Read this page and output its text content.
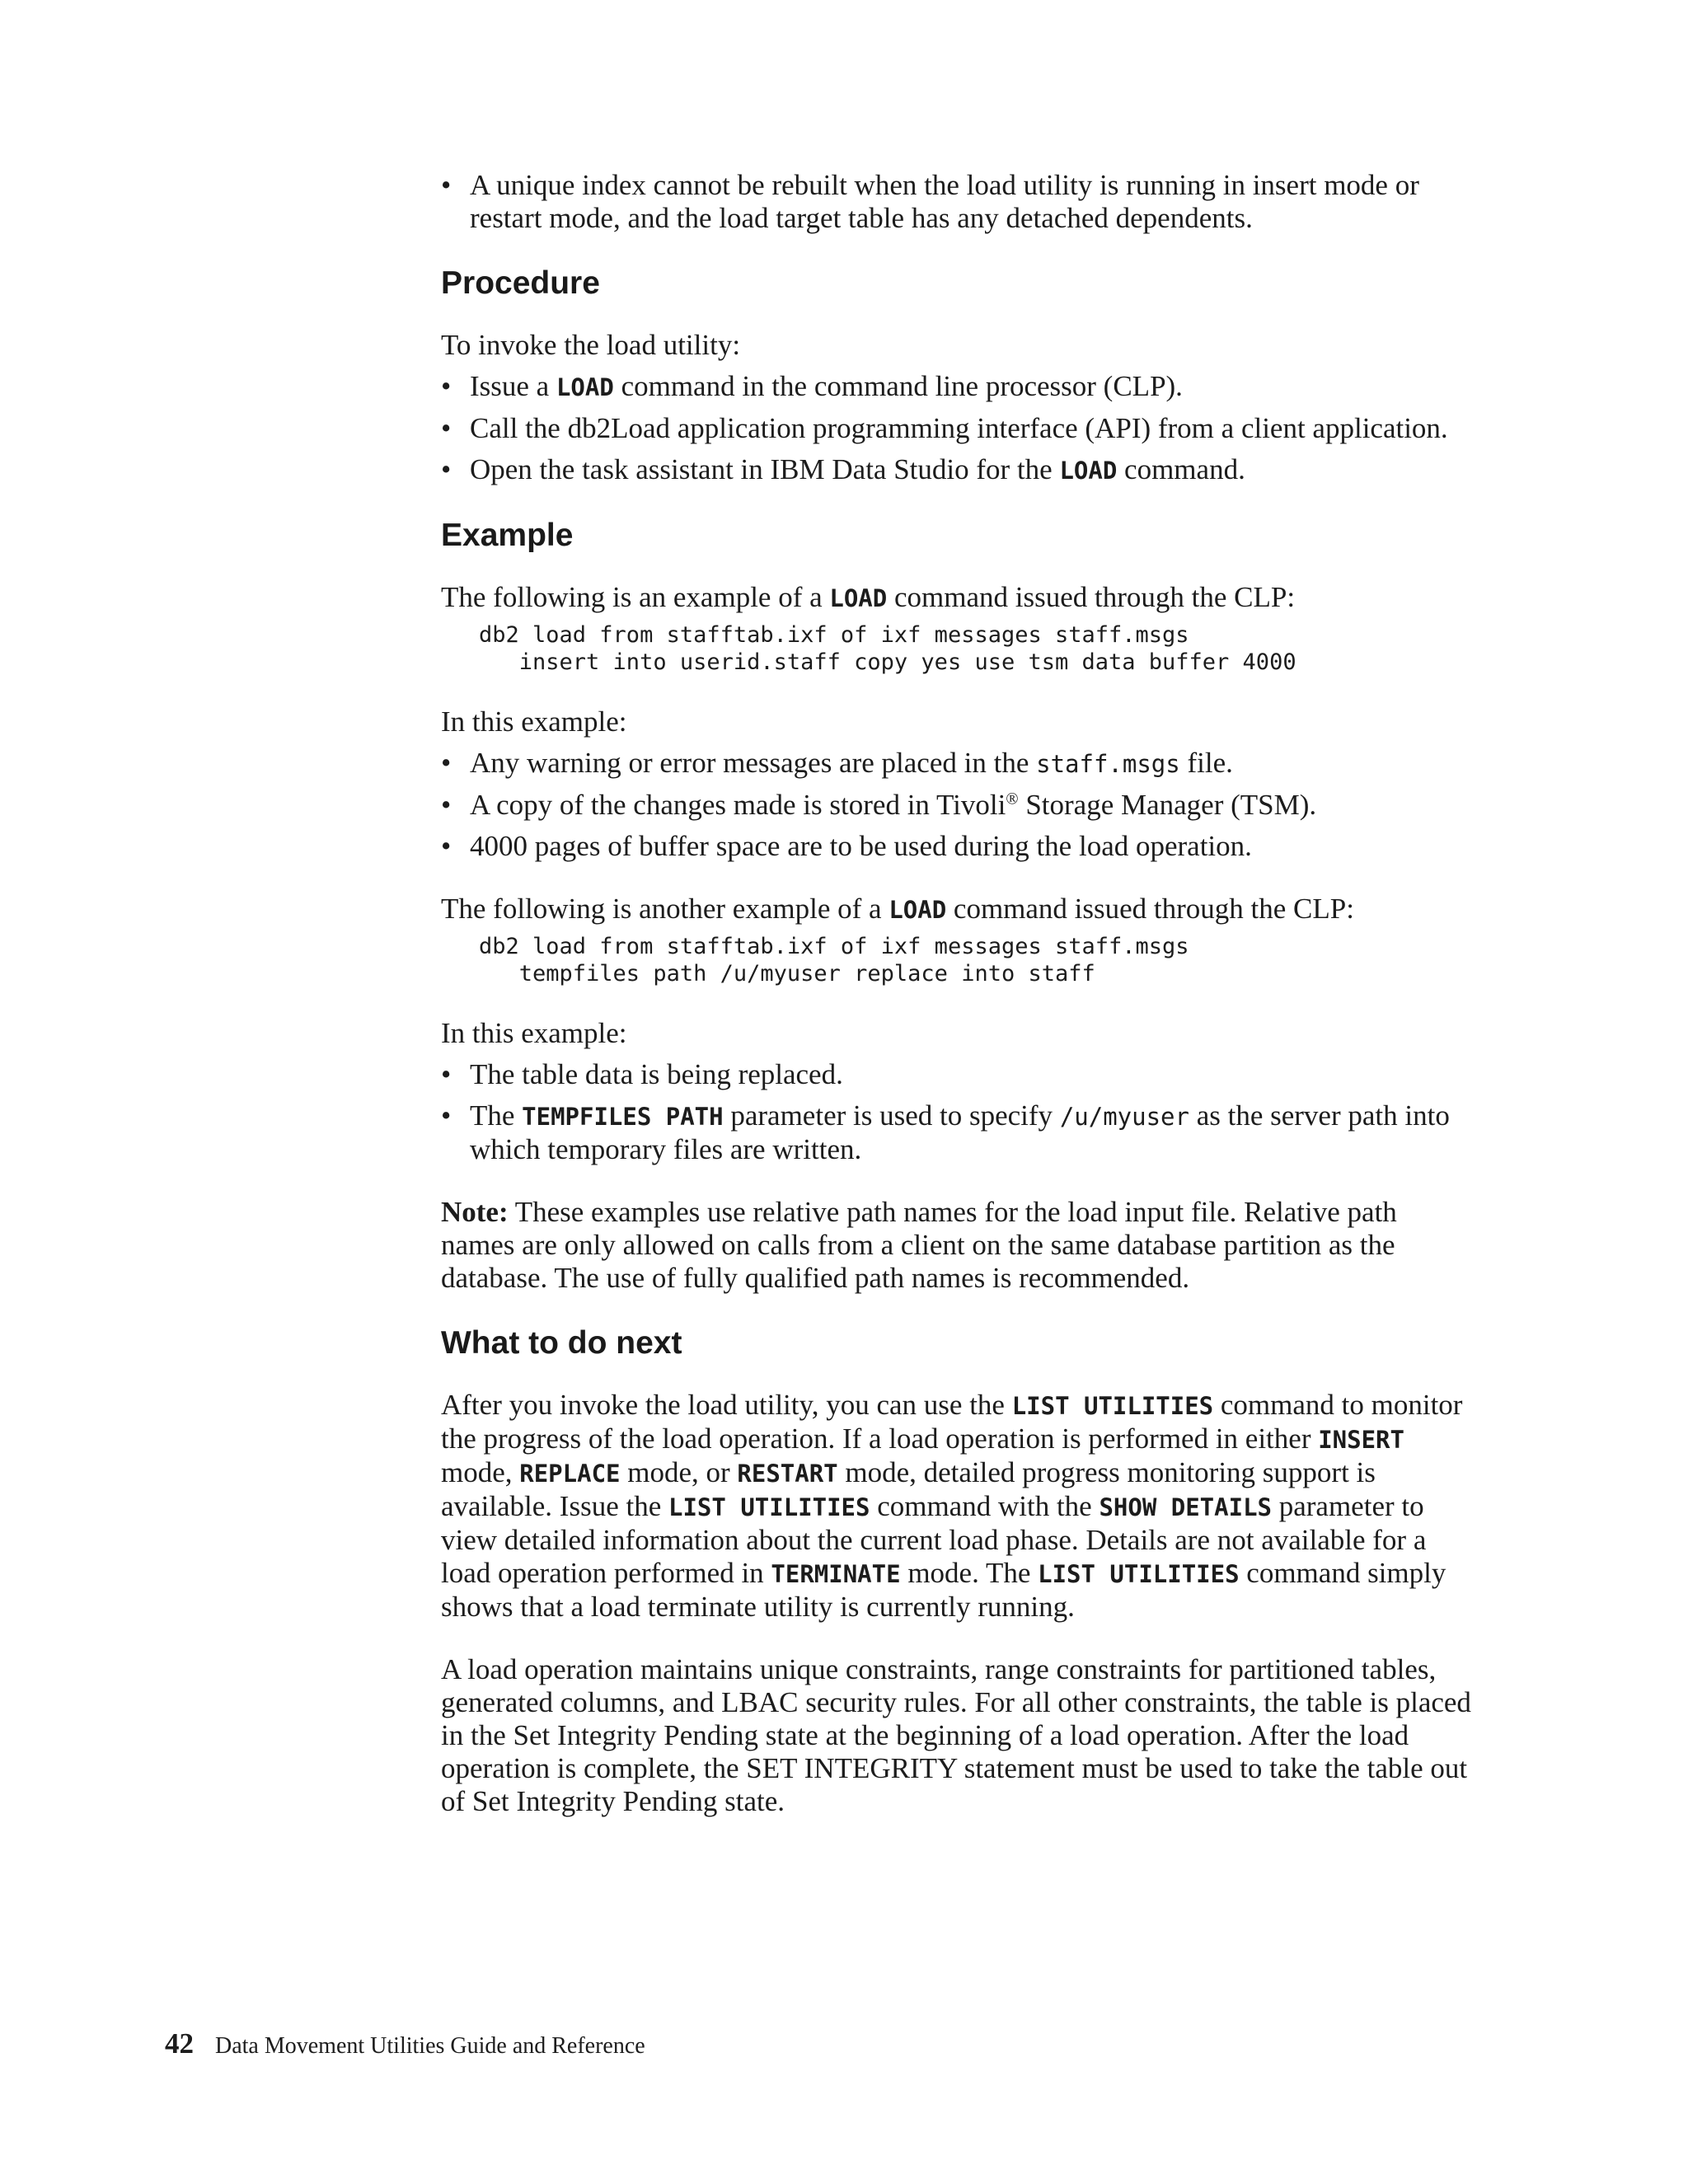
• A unique index cannot be rebuilt when the load utility is running in insert mode or restart mode, and the load target table has any detached dependents.
Procedure

To invoke the load utility:

• Issue a LOAD command in the command line processor (CLP).
• Call the db2Load application programming interface (API) from a client application.
• Open the task assistant in IBM Data Studio for the LOAD command.
Example

The following is an example of a LOAD command issued through the CLP:

db2 load from stafftab.ixf of ixf messages staff.msgs
insert into userid.staff copy yes use tsm data buffer 4000

In this example:

• Any warning or error messages are placed in the staff.msgs file.
• A copy of the changes made is stored in Tivoli® Storage Manager (TSM).
• 4000 pages of buffer space are to be used during the load operation.

The following is another example of a LOAD command issued through the CLP:

db2 load from stafftab.ixf of ixf messages staff.msgs
tempfiles path /u/myuser replace into staff

In this example:

• The table data is being replaced.
• The TEMPFILES PATH parameter is used to specify /u/myuser as the server path into which temporary files are written.

Note: These examples use relative path names for the load input file. Relative path names are only allowed on calls from a client on the same database partition as the database. The use of fully qualified path names is recommended.

What to do next

After you invoke the load utility, you can use the LIST UTILITIES command to monitor the progress of the load operation. If a load operation is performed in either INSERT mode, REPLACE mode, or RESTART mode, detailed progress monitoring support is available. Issue the LIST UTILITIES command with the SHOW DETAILS parameter to view detailed information about the current load phase. Details are not available for a load operation performed in TERMINATE mode. The LIST UTILITIES command simply shows that a load terminate utility is currently running.

A load operation maintains unique constraints, range constraints for partitioned tables, generated columns, and LBAC security rules. For all other constraints, the table is placed in the Set Integrity Pending state at the beginning of a load operation. After the load operation is complete, the SET INTEGRITY statement must be used to take the table out of Set Integrity Pending state.

42 Data Movement Utilities Guide and Reference
